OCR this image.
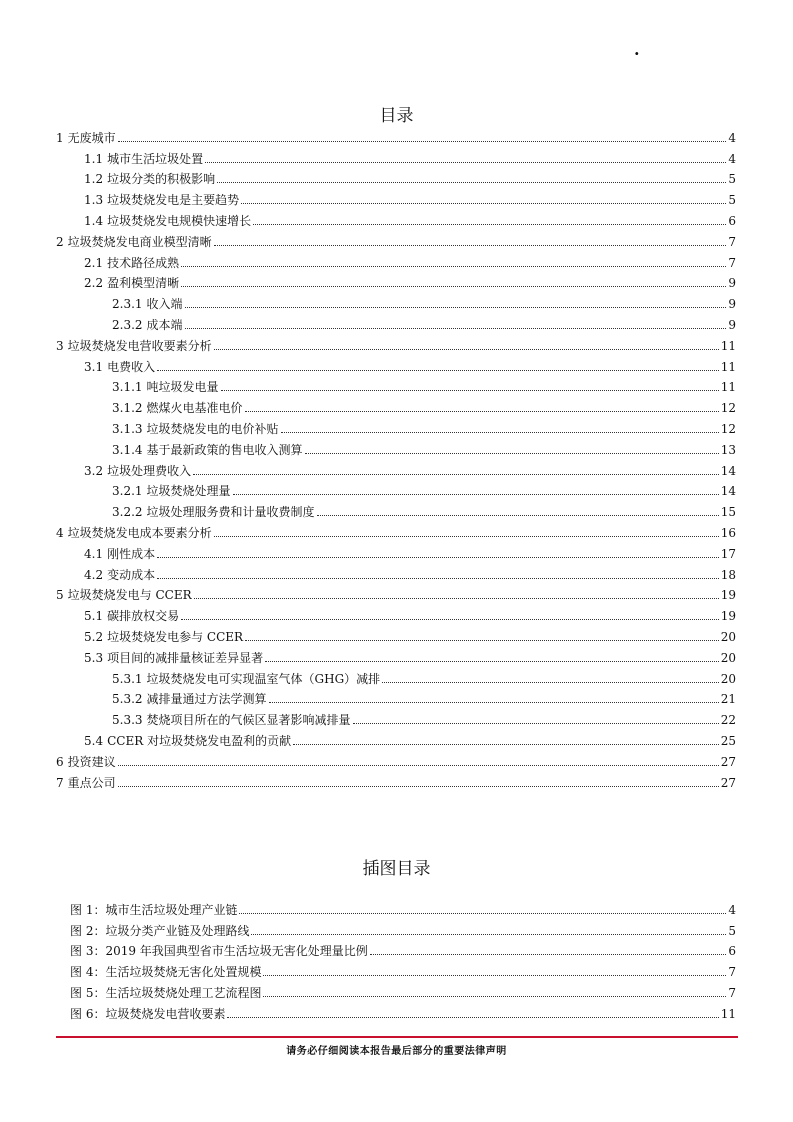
·
目录
1 无废城市	4
1.1 城市生活垃圾处置	4
1.2 垃圾分类的积极影响	5
1.3 垃圾焚烧发电是主要趋势	5
1.4 垃圾焚烧发电规模快速增长	6
2 垃圾焚烧发电商业模型清晰	7
2.1 技术路径成熟	7
2.2 盈利模型清晰	9
2.3.1 收入端	9
2.3.2 成本端	9
3 垃圾焚烧发电营收要素分析	11
3.1 电费收入	11
3.1.1 吨垃圾发电量	11
3.1.2 燃煤火电基准电价	12
3.1.3 垃圾焚烧发电的电价补贴	12
3.1.4 基于最新政策的售电收入测算	13
3.2 垃圾处理费收入	14
3.2.1 垃圾焚烧处理量	14
3.2.2 垃圾处理服务费和计量收费制度	15
4 垃圾焚烧发电成本要素分析	16
4.1 刚性成本	17
4.2 变动成本	18
5 垃圾焚烧发电与 CCER	19
5.1 碳排放权交易	19
5.2 垃圾焚烧发电参与 CCER	20
5.3 项目间的减排量核证差异显著	20
5.3.1 垃圾焚烧发电可实现温室气体（GHG）减排	20
5.3.2 减排量通过方法学测算	21
5.3.3 焚烧项目所在的气候区显著影响减排量	22
5.4 CCER 对垃圾焚烧发电盈利的贡献	25
6 投资建议	27
7 重点公司	27
插图目录
图 1：城市生活垃圾处理产业链	4
图 2：垃圾分类产业链及处理路线	5
图 3：2019 年我国典型省市生活垃圾无害化处理量比例	6
图 4：生活垃圾焚烧无害化处置规模	7
图 5：生活垃圾焚烧处理工艺流程图	7
图 6：垃圾焚烧发电营收要素	11
请务必仔细阅读本报告最后部分的重要法律声明
